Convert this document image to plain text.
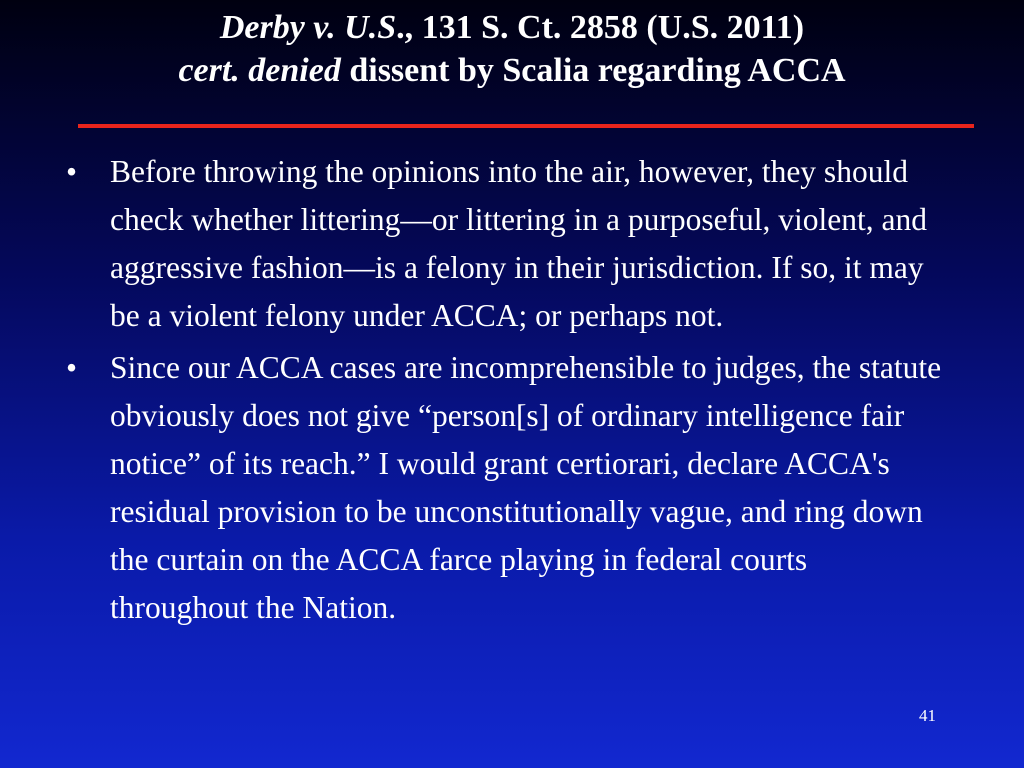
Derby v. U.S., 131 S. Ct. 2858 (U.S. 2011)
cert. denied dissent by Scalia regarding ACCA
• Before throwing the opinions into the air, however, they should check whether littering—or littering in a purposeful, violent, and aggressive fashion—is a felony in their jurisdiction. If so, it may be a violent felony under ACCA; or perhaps not.
• Since our ACCA cases are incomprehensible to judges, the statute obviously does not give “person[s] of ordinary intelligence fair notice” of its reach.” I would grant certiorari, declare ACCA's residual provision to be unconstitutionally vague, and ring down the curtain on the ACCA farce playing in federal courts throughout the Nation.
41
